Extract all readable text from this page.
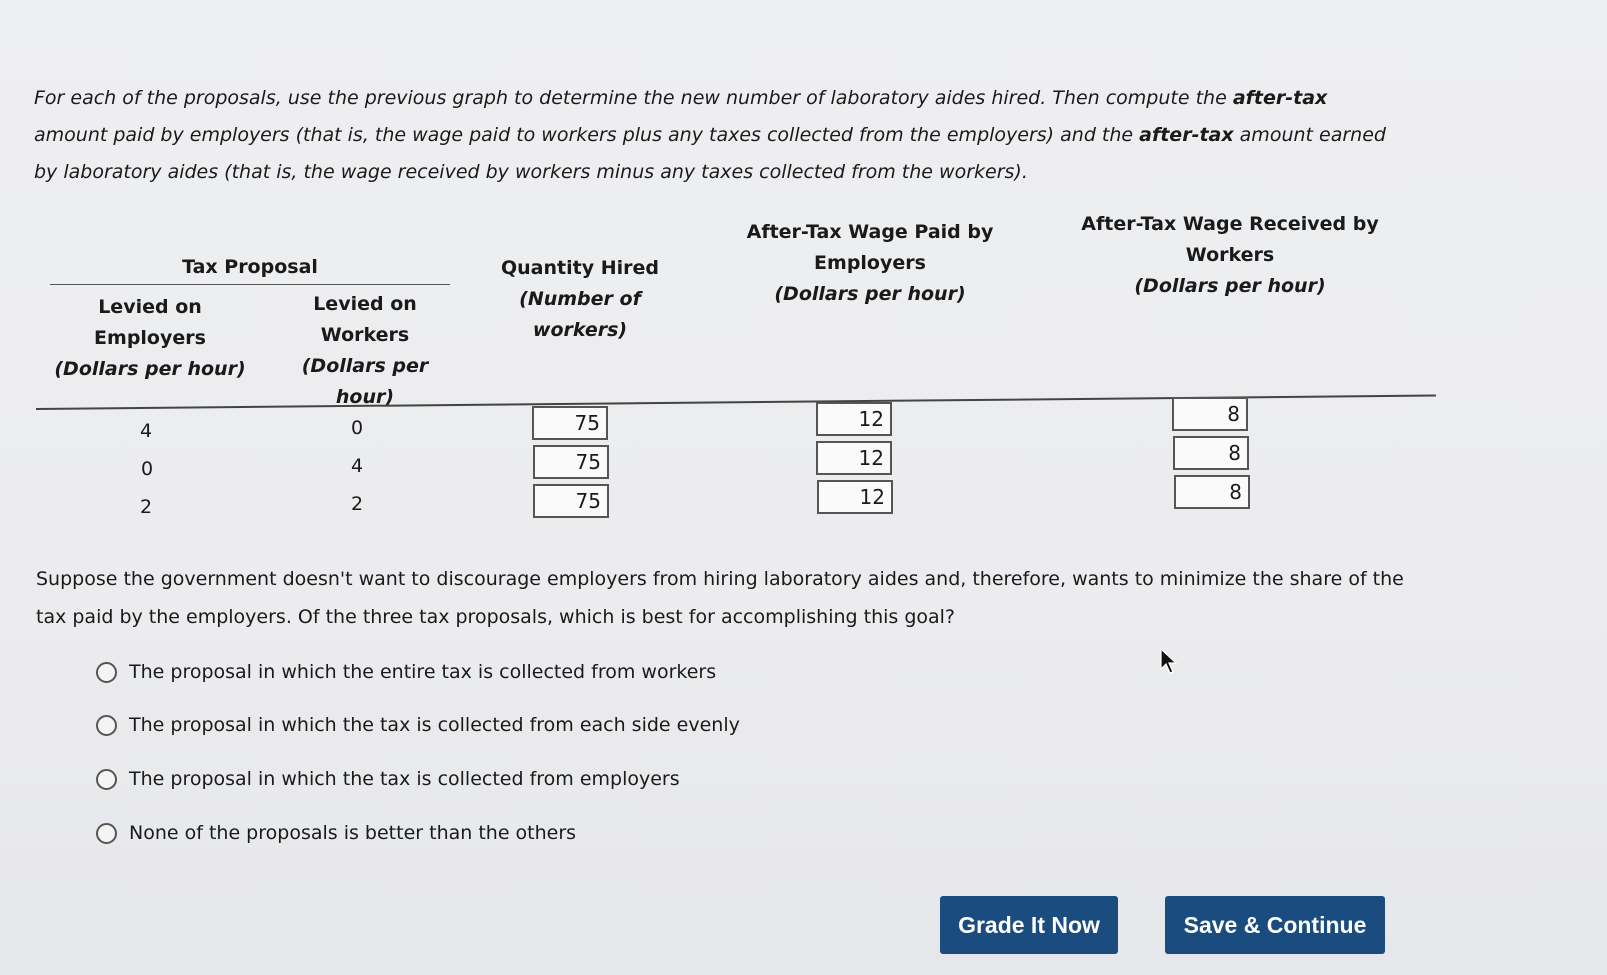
For each of the proposals, use the previous graph to determine the new number of laboratory aides hired. Then compute the after-tax amount paid by employers (that is, the wage paid to workers plus any taxes collected from the employers) and the after-tax amount earned by laboratory aides (that is, the wage received by workers minus any taxes collected from the workers).
Tax Proposal
Levied on
Employers
(Dollars per hour)
Levied on
Workers
(Dollars per
hour)
Quantity Hired
(Number of
workers)
After-Tax Wage Paid by
Employers
(Dollars per hour)
After-Tax Wage Received by
Workers
(Dollars per hour)
4	0	75	12	8
0	4	75	12	8
2	2	75	12	8
Suppose the government doesn't want to discourage employers from hiring laboratory aides and, therefore, wants to minimize the share of the tax paid by the employers. Of the three tax proposals, which is best for accomplishing this goal?
The proposal in which the entire tax is collected from workers
The proposal in which the tax is collected from each side evenly
The proposal in which the tax is collected from employers
None of the proposals is better than the others
Grade It Now	Save & Continue
